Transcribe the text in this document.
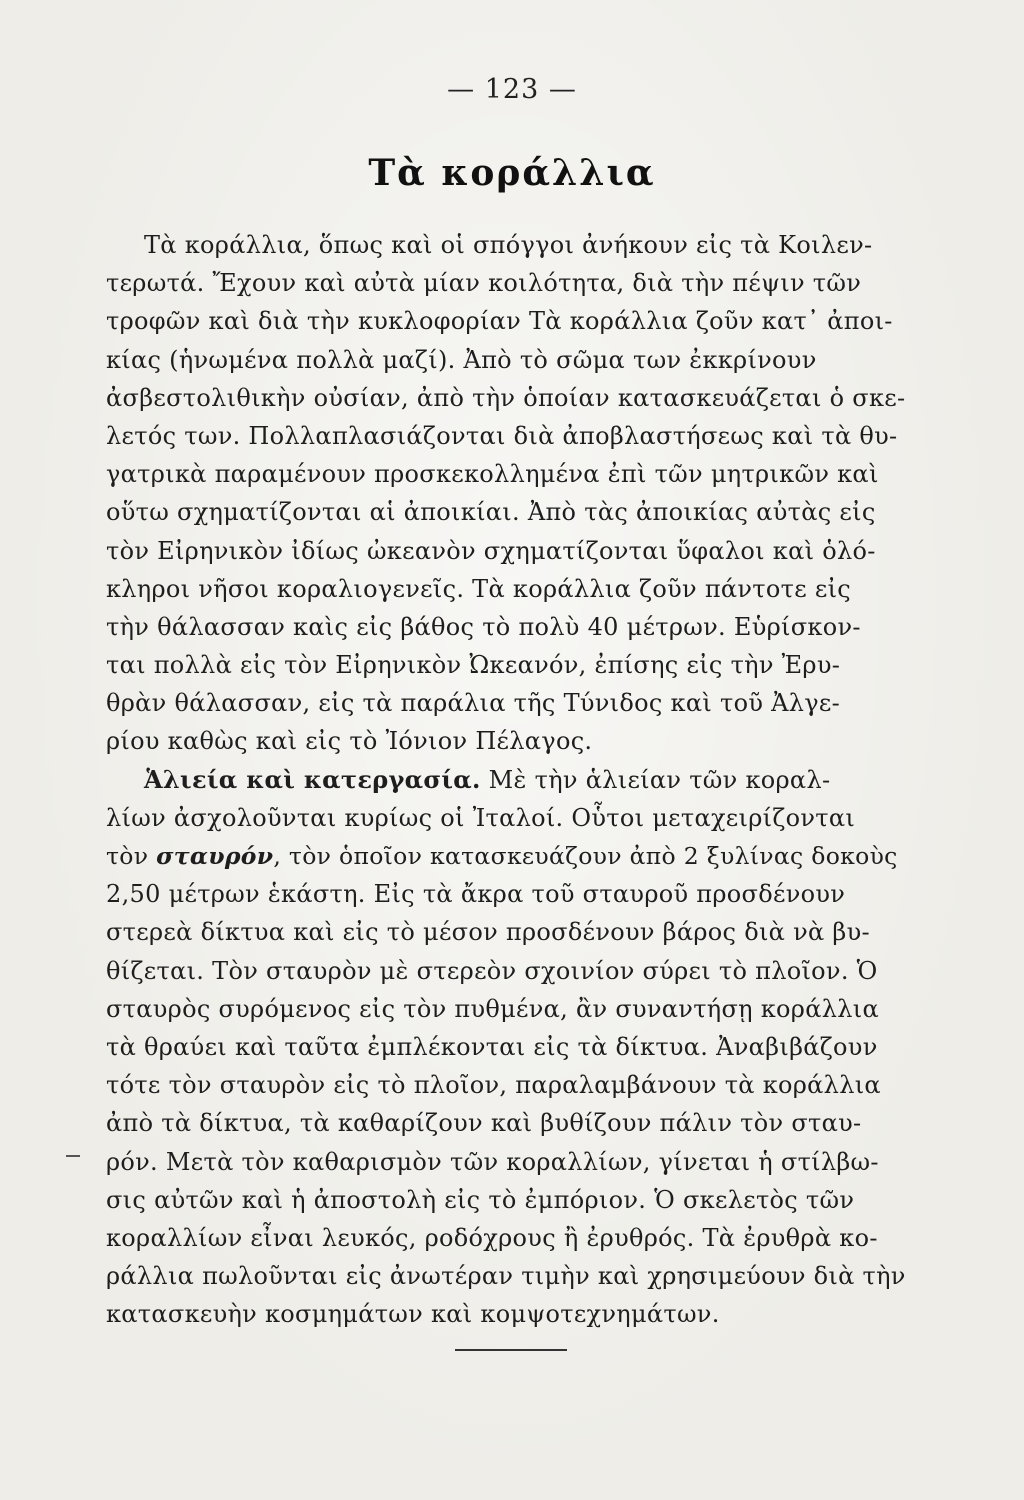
— 123 —
Τὰ κοράλλια
Τὰ κοράλλια, ὅπως καὶ οἱ σπόγγοι ἀνήκουν εἰς τὰ Κοιλεν-
τερωτά. Ἔχουν καὶ αὐτὰ μίαν κοιλότητα, διὰ τὴν πέψιν τῶν
τροφῶν καὶ διὰ τὴν κυκλοφορίαν Τὰ κοράλλια ζοῦν κατ᾿ ἀποι-
κίας (ἡνωμένα πολλὰ μαζί). Ἀπὸ τὸ σῶμα των ἐκκρίνουν
ἀσβεστολιθικὴν οὐσίαν, ἀπὸ τὴν ὁποίαν κατασκευάζεται ὁ σκε-
λετός των. Πολλαπλασιάζονται διὰ ἀποβλαστήσεως καὶ τὰ θυ-
γατρικὰ παραμένουν προσκεκολλημένα ἐπὶ τῶν μητρικῶν καὶ
οὕτω σχηματίζονται αἱ ἀποικίαι. Ἀπὸ τὰς ἀποικίας αὐτὰς εἰς
τὸν Εἰρηνικὸν ἰδίως ὠκεανὸν σχηματίζονται ὕφαλοι καὶ ὁλό-
κληροι νῆσοι κοραλιογενεῖς. Τὰ κοράλλια ζοῦν πάντοτε εἰς
τὴν θάλασσαν καὶς εἰς βάθος τὸ πολὺ 40 μέτρων. Εὑρίσκον-
ται πολλὰ εἰς τὸν Εἰρηνικὸν Ὠκεανόν, ἐπίσης εἰς τὴν Ἐρυ-
θρὰν θάλασσαν, εἰς τὰ παράλια τῆς Τύνιδος καὶ τοῦ Ἀλγε-
ρίου καθὼς καὶ εἰς τὸ Ἰόνιον Πέλαγος.
Ἁλιεία καὶ κατεργασία. Μὲ τὴν ἁλιείαν τῶν κοραλ-
λίων ἀσχολοῦνται κυρίως οἱ Ἰταλοί. Οὗτοι μεταχειρίζονται
τὸν σταυρόν, τὸν ὁποῖον κατασκευάζουν ἀπὸ 2 ξυλίνας δοκοὺς
2,50 μέτρων ἑκάστη. Εἰς τὰ ἄκρα τοῦ σταυροῦ προσδένουν
στερεὰ δίκτυα καὶ εἰς τὸ μέσον προσδένουν βάρος διὰ νὰ βυ-
θίζεται. Τὸν σταυρὸν μὲ στερεὸν σχοινίον σύρει τὸ πλοῖον. Ὁ
σταυρὸς συρόμενος εἰς τὸν πυθμένα, ἂν συναντήσῃ κοράλλια
τὰ θραύει καὶ ταῦτα ἐμπλέκονται εἰς τὰ δίκτυα. Ἀναβιβάζουν
τότε τὸν σταυρὸν εἰς τὸ πλοῖον, παραλαμβάνουν τὰ κοράλλια
ἀπὸ τὰ δίκτυα, τὰ καθαρίζουν καὶ βυθίζουν πάλιν τὸν σταυ-
ρόν. Μετὰ τὸν καθαρισμὸν τῶν κοραλλίων, γίνεται ἡ στίλβω-
σις αὐτῶν καὶ ἡ ἀποστολὴ εἰς τὸ ἐμπόριον. Ὁ σκελετὸς τῶν
κοραλλίων εἶναι λευκός, ροδόχρους ἢ ἐρυθρός. Τὰ ἐρυθρὰ κο-
ράλλια πωλοῦνται εἰς ἀνωτέραν τιμὴν καὶ χρησιμεύουν διὰ τὴν
κατασκευὴν κοσμημάτων καὶ κομψοτεχνημάτων.
